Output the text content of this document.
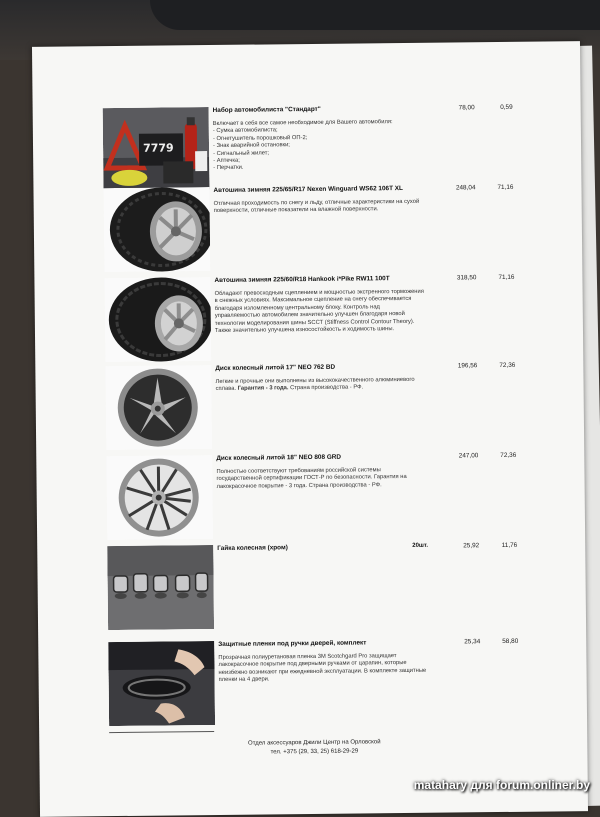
7779
Набор автомобилиста "Стандарт"
Включает в себя все самое необходимое для Вашего автомобиля:
- Сумка автомобилиста;
- Огнетушитель порошковый ОП-2;
- Знак аварийной остановки;
- Сигнальный жилет;
- Аптечка;
- Перчатки.
78,00	0,59
Автошина зимняя 225/65/R17 Nexen Winguard WS62 106T XL
Отличная проходимость по снегу и льду, отличные характеристики на сухой поверхности, отличные показатели на влажной поверхности.
248,04	71,16
Автошина зимняя 225/60/R18 Hankook i*Pike RW11 100T
Обладают превосходным сцеплением и мощностью экстренного торможения в снежных условиях. Максимальное сцепление на снегу обеспечивается благодаря изломленному центральному блоку. Контроль над управляемостью автомобилем значительно улучшен благодаря новой технологии моделирования шины SCCT (Stiffness Control Contour Theory). Также значительно улучшена износостойкость и ходимость шины.
318,50	71,16
Диск колесный литой 17" NEO 762 BD
Легкие и прочные они выполнены из высококачественного алюминиевого сплава. Гарантия - 3 года. Страна производства - РФ.
196,56	72,36
Диск колесный литой 18" NEO 808 GRD
Полностью соответствуют требованиям российской системы государственной сертификации ГОСТ-Р по безопасности. Гарантия на лакокрасочное покрытие - 3 года. Страна производства - РФ.
247,00	72,36
Гайка колесная (хром)	20шт.	25,92	11,76
Защитные пленки под ручки дверей, комплект
Прозрачная полиуретановая пленка 3М Scotchgard Pro защищает лакокрасочное покрытие под дверными ручками от царапин, которые неизбежно возникают при ежедневной эксплуатации. В комплекте защитные пленки на 4 двери.
25,34	58,80
Отдел аксессуаров Джили Центр на Орловской
тел. +375 (29, 33, 25) 618-29-29
matahary для forum.onliner.by
